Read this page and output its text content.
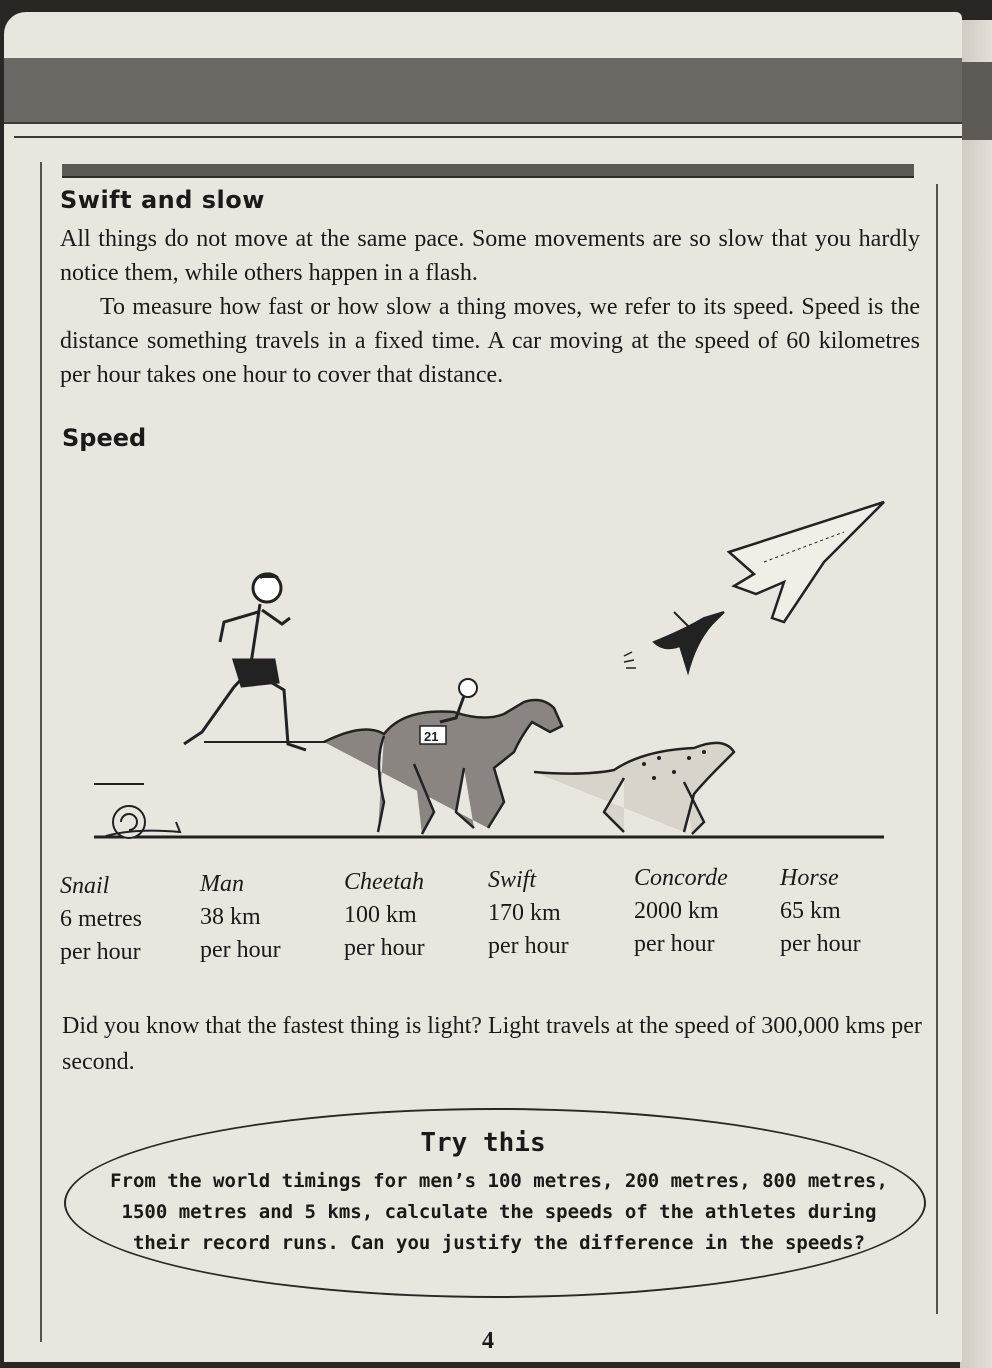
Swift and slow
All things do not move at the same pace. Some movements are so slow that you hardly notice them, while others happen in a flash.
To measure how fast or how slow a thing moves, we refer to its speed. Speed is the distance something travels in a fixed time. A car moving at the speed of 60 kilometres per hour takes one hour to cover that distance.
Speed
21
Snail
6 metres
per hour
Man
38 km
per hour
Cheetah
100 km
per hour
Swift
170 km
per hour
Concorde
2000 km
per hour
Horse
65 km
per hour
Did you know that the fastest thing is light? Light travels at the speed of 300,000 kms per second.
Try this
From the world timings for men’s 100 metres, 200 metres, 800 metres, 1500 metres and 5 kms, calculate the speeds of the athletes during their record runs. Can you justify the difference in the speeds?
4
